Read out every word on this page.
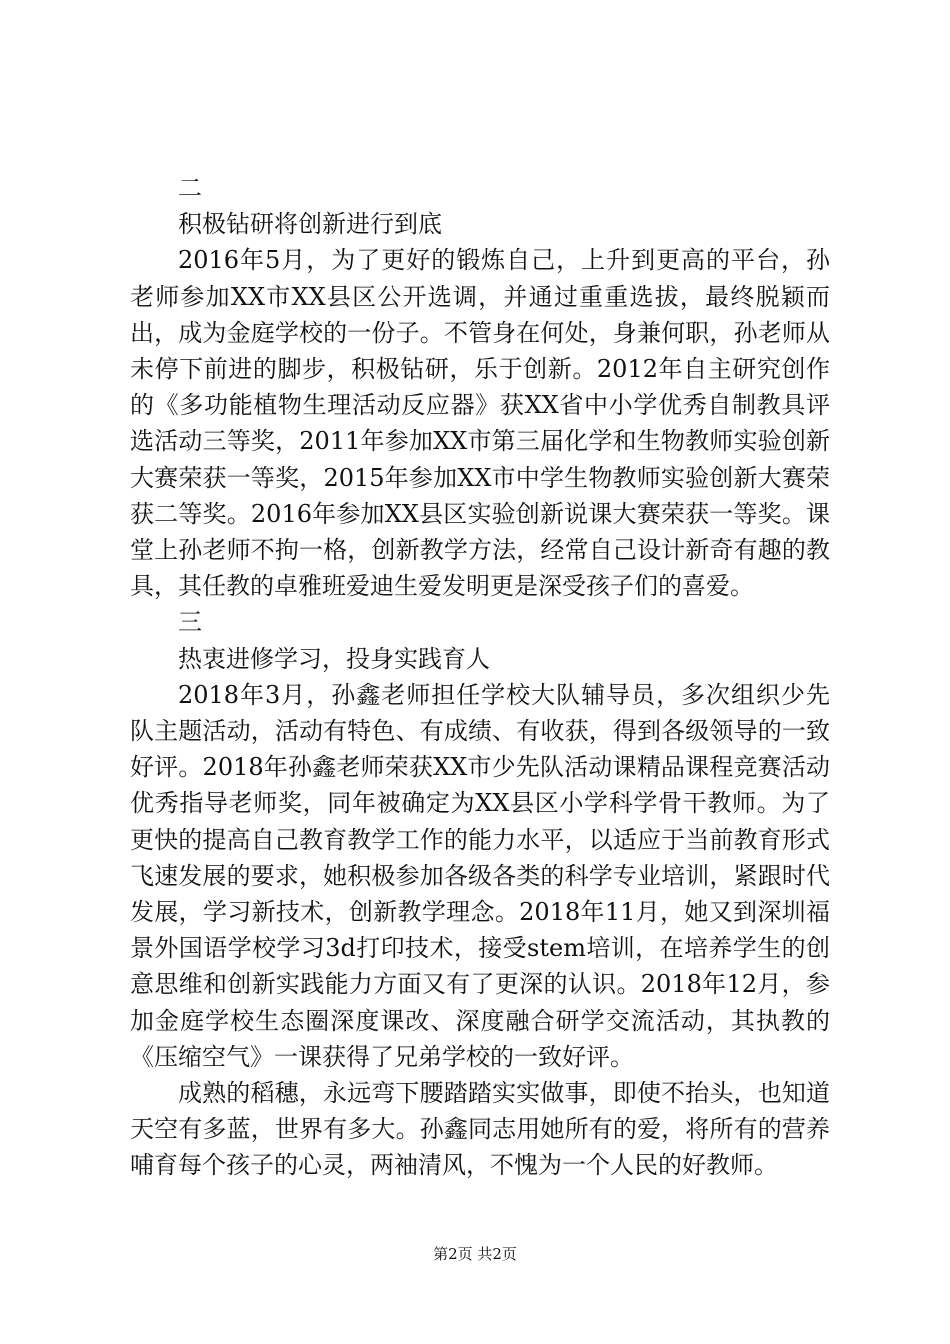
二

积极钻研将创新进行到底

2016年5月，为了更好的锻炼自己，上升到更高的平台，孙老师参加XX市XX县区公开选调，并通过重重选拔，最终脱颖而出，成为金庭学校的一份子。不管身在何处，身兼何职，孙老师从未停下前进的脚步，积极钻研，乐于创新。2012年自主研究创作的《多功能植物生理活动反应器》获XX省中小学优秀自制教具评选活动三等奖，2011年参加XX市第三届化学和生物教师实验创新大赛荣获一等奖，2015年参加XX市中学生物教师实验创新大赛荣获二等奖。2016年参加XX县区实验创新说课大赛荣获一等奖。课堂上孙老师不拘一格，创新教学方法，经常自己设计新奇有趣的教具，其任教的卓雅班爱迪生爱发明更是深受孩子们的喜爱。

三

热衷进修学习，投身实践育人

2018年3月，孙鑫老师担任学校大队辅导员，多次组织少先队主题活动，活动有特色、有成绩、有收获，得到各级领导的一致好评。2018年孙鑫老师荣获XX市少先队活动课精品课程竞赛活动优秀指导老师奖，同年被确定为XX县区小学科学骨干教师。为了更快的提高自己教育教学工作的能力水平，以适应于当前教育形式飞速发展的要求，她积极参加各级各类的科学专业培训，紧跟时代发展，学习新技术，创新教学理念。2018年11月，她又到深圳福景外国语学校学习3d打印技术，接受stem培训，在培养学生的创意思维和创新实践能力方面又有了更深的认识。2018年12月，参加金庭学校生态圈深度课改、深度融合研学交流活动，其执教的《压缩空气》一课获得了兄弟学校的一致好评。

成熟的稻穗，永远弯下腰踏踏实实做事，即使不抬头，也知道天空有多蓝，世界有多大。孙鑫同志用她所有的爱，将所有的营养哺育每个孩子的心灵，两袖清风，不愧为一个人民的好教师。

第2页 共2页
